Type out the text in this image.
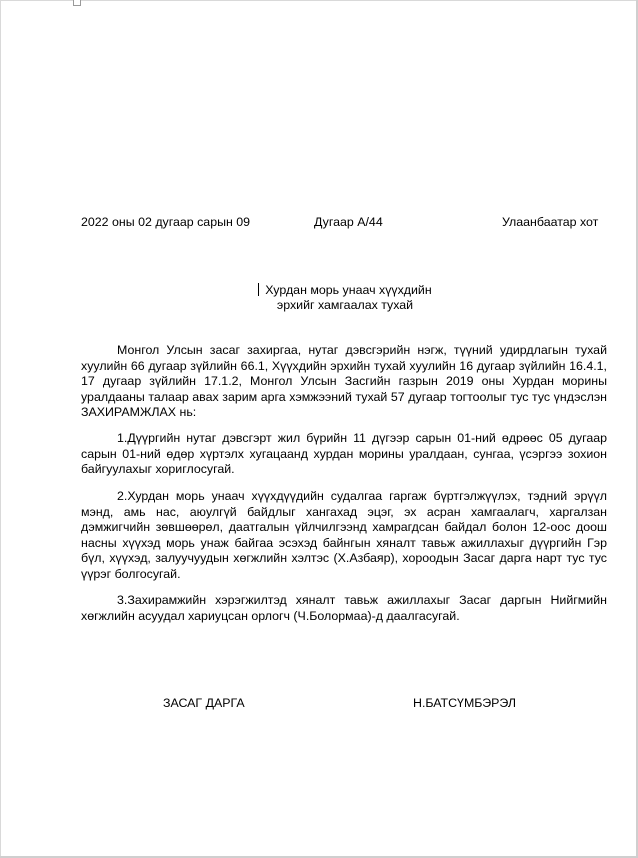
2022 оны 02 дугаар сарын 09	Дугаар А/44	Улаанбаатар хот
Хурдан морь унаач хүүхдийн
эрхийг хамгаалах тухай

Монгол Улсын засаг захиргаа, нутаг дэвсгэрийн нэгж, түүний удирдлагын тухай хуулийн 66 дугаар зүйлийн 66.1, Хүүхдийн эрхийн тухай хуулийн 16 дугаар зүйлийн 16.4.1, 17 дугаар зүйлийн 17.1.2, Монгол Улсын Засгийн газрын 2019 оны Хурдан морины уралдааны талаар авах зарим арга хэмжээний тухай 57 дугаар тогтоолыг тус тус үндэслэн ЗАХИРАМЖЛАХ нь:

1.Дүүргийн нутаг дэвсгэрт жил бүрийн 11 дүгээр сарын 01-ний өдрөөс 05 дугаар сарын 01-ний өдөр хүртэлх хугацаанд хурдан морины уралдаан, сунгаа, үсэргээ зохион байгуулахыг хориглосугай.

2.Хурдан морь унаач хүүхдүүдийн судалгаа гаргаж бүртгэлжүүлэх, тэдний эрүүл мэнд, амь нас, аюулгүй байдлыг хангахад эцэг, эх асран хамгаалагч, харгалзан дэмжигчийн зөвшөөрөл, даатгалын үйлчилгээнд хамрагдсан байдал болон 12-оос доош насны хүүхэд морь унаж байгаа эсэхэд байнгын хяналт тавьж ажиллахыг дүүргийн Гэр бүл, хүүхэд, залуучуудын хөгжлийн хэлтэс (Х.Азбаяр), хороодын Засаг дарга нарт тус тус үүрэг болгосугай.

3.Захирамжийн хэрэгжилтэд хяналт тавьж ажиллахыг Засаг даргын Нийгмийн хөгжлийн асуудал хариуцсан орлогч (Ч.Болормаа)-д даалгасугай.

ЗАСАГ ДАРГА	Н.БАТСҮМБЭРЭЛ
